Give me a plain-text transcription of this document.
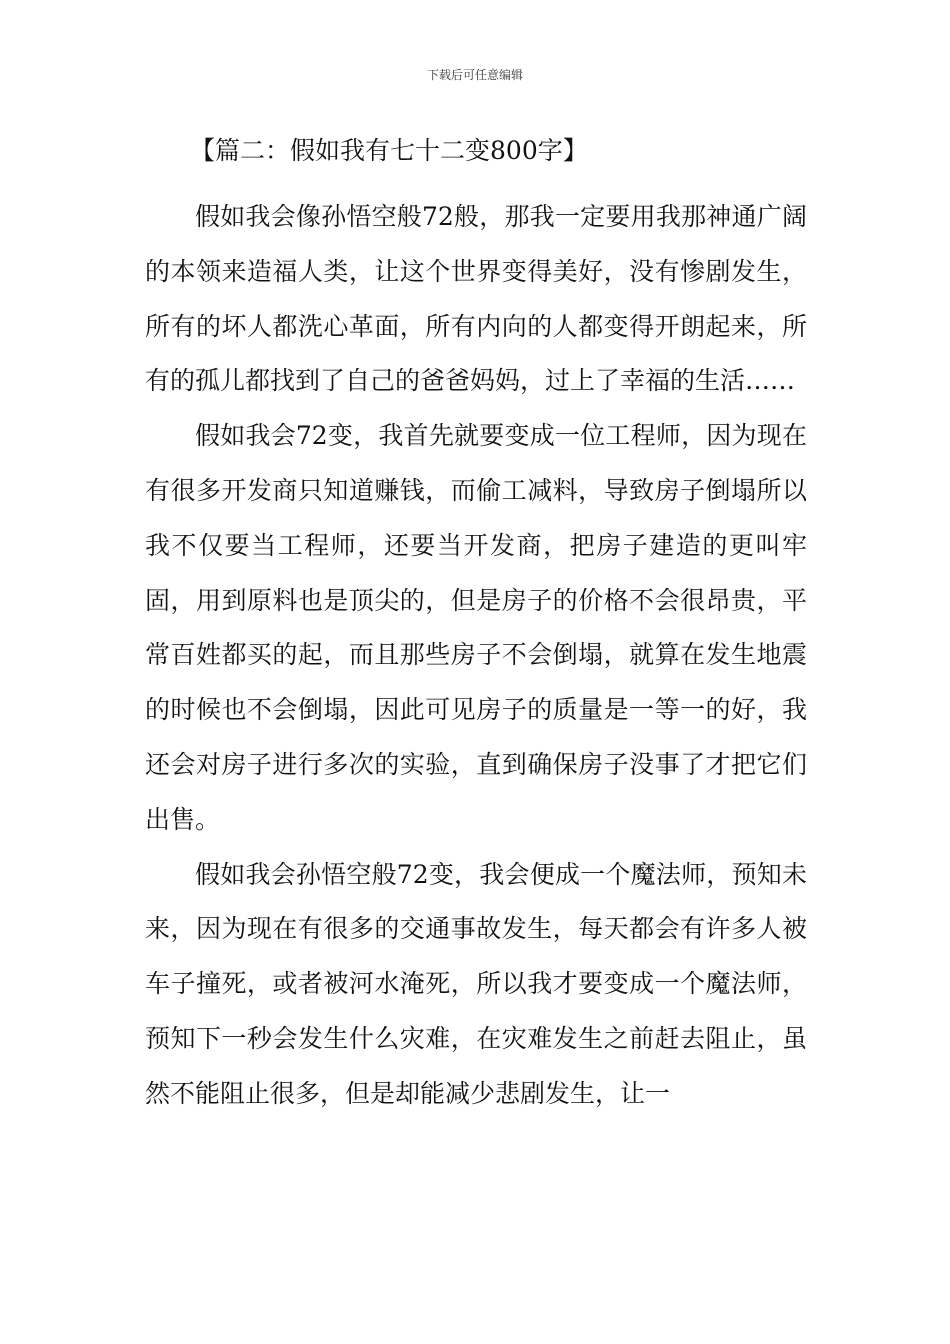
下载后可任意编辑
【篇二：假如我有七十二变800字】

假如我会像孙悟空般72般，那我一定要用我那神通广阔的本领来造福人类，让这个世界变得美好，没有惨剧发生，所有的坏人都洗心革面，所有内向的人都变得开朗起来，所有的孤儿都找到了自己的爸爸妈妈，过上了幸福的生活……

假如我会72变，我首先就要变成一位工程师，因为现在有很多开发商只知道赚钱，而偷工减料，导致房子倒塌所以我不仅要当工程师，还要当开发商，把房子建造的更叫牢固，用到原料也是顶尖的，但是房子的价格不会很昂贵，平常百姓都买的起，而且那些房子不会倒塌，就算在发生地震的时候也不会倒塌，因此可见房子的质量是一等一的好，我还会对房子进行多次的实验，直到确保房子没事了才把它们出售。

假如我会孙悟空般72变，我会便成一个魔法师，预知未来，因为现在有很多的交通事故发生，每天都会有许多人被车子撞死，或者被河水淹死，所以我才要变成一个魔法师，预知下一秒会发生什么灾难，在灾难发生之前赶去阻止，虽然不能阻止很多，但是却能减少悲剧发生，让一
